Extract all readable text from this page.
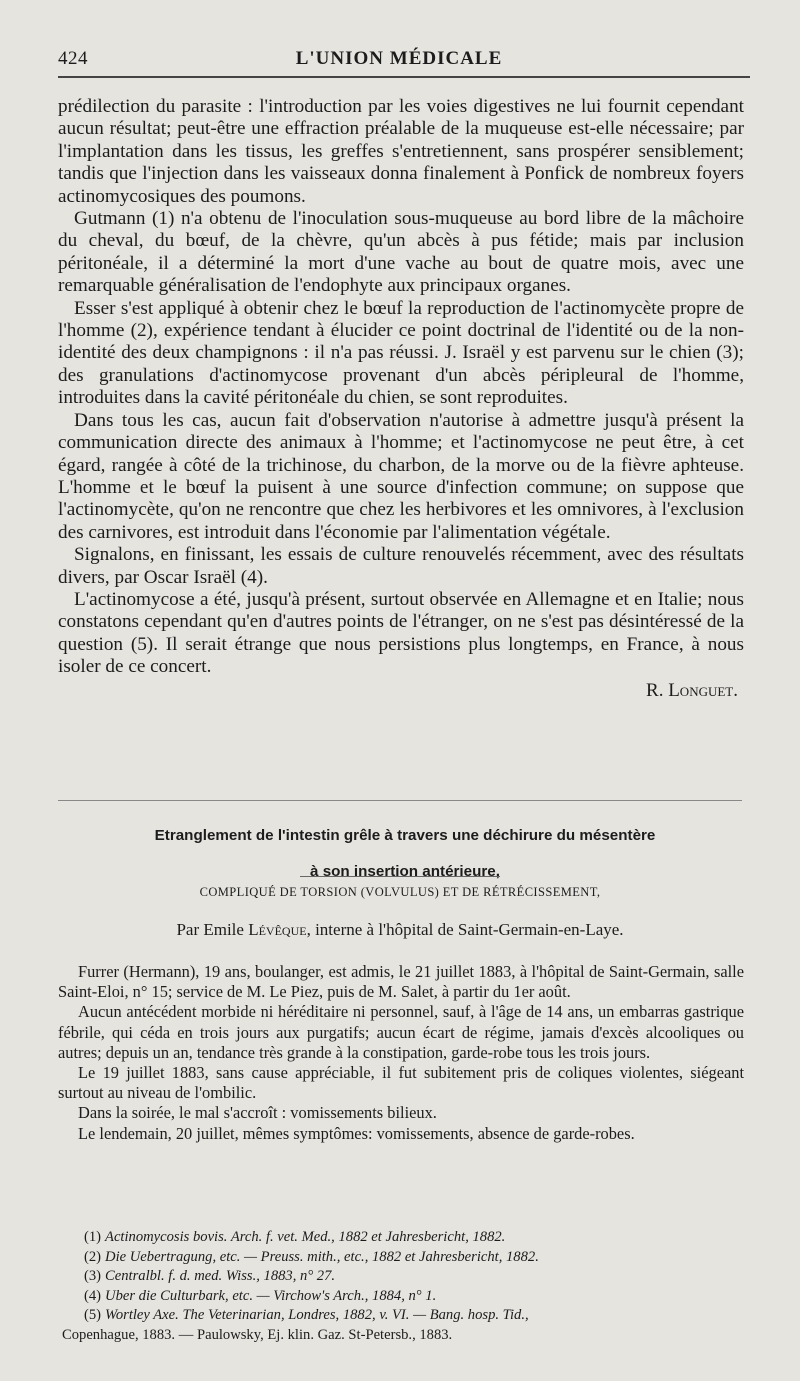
424	L'UNION MÉDICALE

prédilection du parasite : l'introduction par les voies digestives ne lui fournit cependant aucun résultat; peut-être une effraction préalable de la muqueuse est-elle nécessaire; par l'implantation dans les tissus, les greffes s'entretiennent, sans prospérer sensiblement; tandis que l'injection dans les vaisseaux donna finalement à Ponfick de nombreux foyers actinomycosiques des poumons.

Gutmann (1) n'a obtenu de l'inoculation sous-muqueuse au bord libre de la mâchoire du cheval, du bœuf, de la chèvre, qu'un abcès à pus fétide; mais par inclusion péritonéale, il a déterminé la mort d'une vache au bout de quatre mois, avec une remarquable généralisation de l'endophyte aux principaux organes.

Esser s'est appliqué à obtenir chez le bœuf la reproduction de l'actinomycète propre de l'homme (2), expérience tendant à élucider ce point doctrinal de l'identité ou de la non-identité des deux champignons : il n'a pas réussi. J. Israël y est parvenu sur le chien (3); des granulations d'actinomycose provenant d'un abcès péripleural de l'homme, introduites dans la cavité péritonéale du chien, se sont reproduites.

Dans tous les cas, aucun fait d'observation n'autorise à admettre jusqu'à présent la communication directe des animaux à l'homme; et l'actinomycose ne peut être, à cet égard, rangée à côté de la trichinose, du charbon, de la morve ou de la fièvre aphteuse. L'homme et le bœuf la puisent à une source d'infection commune; on suppose que l'actinomycète, qu'on ne rencontre que chez les herbivores et les omnivores, à l'exclusion des carnivores, est introduit dans l'économie par l'alimentation végétale.

Signalons, en finissant, les essais de culture renouvelés récemment, avec des résultats divers, par Oscar Israël (4).

L'actinomycose a été, jusqu'à présent, surtout observée en Allemagne et en Italie; nous constatons cependant qu'en d'autres points de l'étranger, on ne s'est pas désintéressé de la question (5). Il serait étrange que nous persistions plus longtemps, en France, à nous isoler de ce concert.

R. Longuet.
Etranglement de l'intestin grêle à travers une déchirure du mésentère
à son insertion antérieure,
COMPLIQUÉ DE TORSION (VOLVULUS) ET DE RÉTRÉCISSEMENT,
Par Emile Lévêque, interne à l'hôpital de Saint-Germain-en-Laye.

Furrer (Hermann), 19 ans, boulanger, est admis, le 21 juillet 1883, à l'hôpital de Saint-Germain, salle Saint-Eloi, n° 15; service de M. Le Piez, puis de M. Salet, à partir du 1er août.

Aucun antécédent morbide ni héréditaire ni personnel, sauf, à l'âge de 14 ans, un embarras gastrique fébrile, qui céda en trois jours aux purgatifs; aucun écart de régime, jamais d'excès alcooliques ou autres; depuis un an, tendance très grande à la constipation, garde-robe tous les trois jours.

Le 19 juillet 1883, sans cause appréciable, il fut subitement pris de coliques violentes, siégeant surtout au niveau de l'ombilic.

Dans la soirée, le mal s'accroît : vomissements bilieux.

Le lendemain, 20 juillet, mêmes symptômes: vomissements, absence de garde-robes.

(1) Actinomycosis bovis. Arch. f. vet. Med., 1882 et Jahresbericht, 1882.

(2) Die Uebertragung, etc. — Preuss. mith., etc., 1882 et Jahresbericht, 1882.

(3) Centralbl. f. d. med. Wiss., 1883, n° 27.

(4) Uber die Culturbark, etc. — Virchow's Arch., 1884, n° 1.

(5) Wortley Axe. The Veterinarian, Londres, 1882, v. VI. — Bang. hosp. Tid.,

Copenhague, 1883. — Paulowsky, Ej. klin. Gaz. St-Petersb., 1883.
